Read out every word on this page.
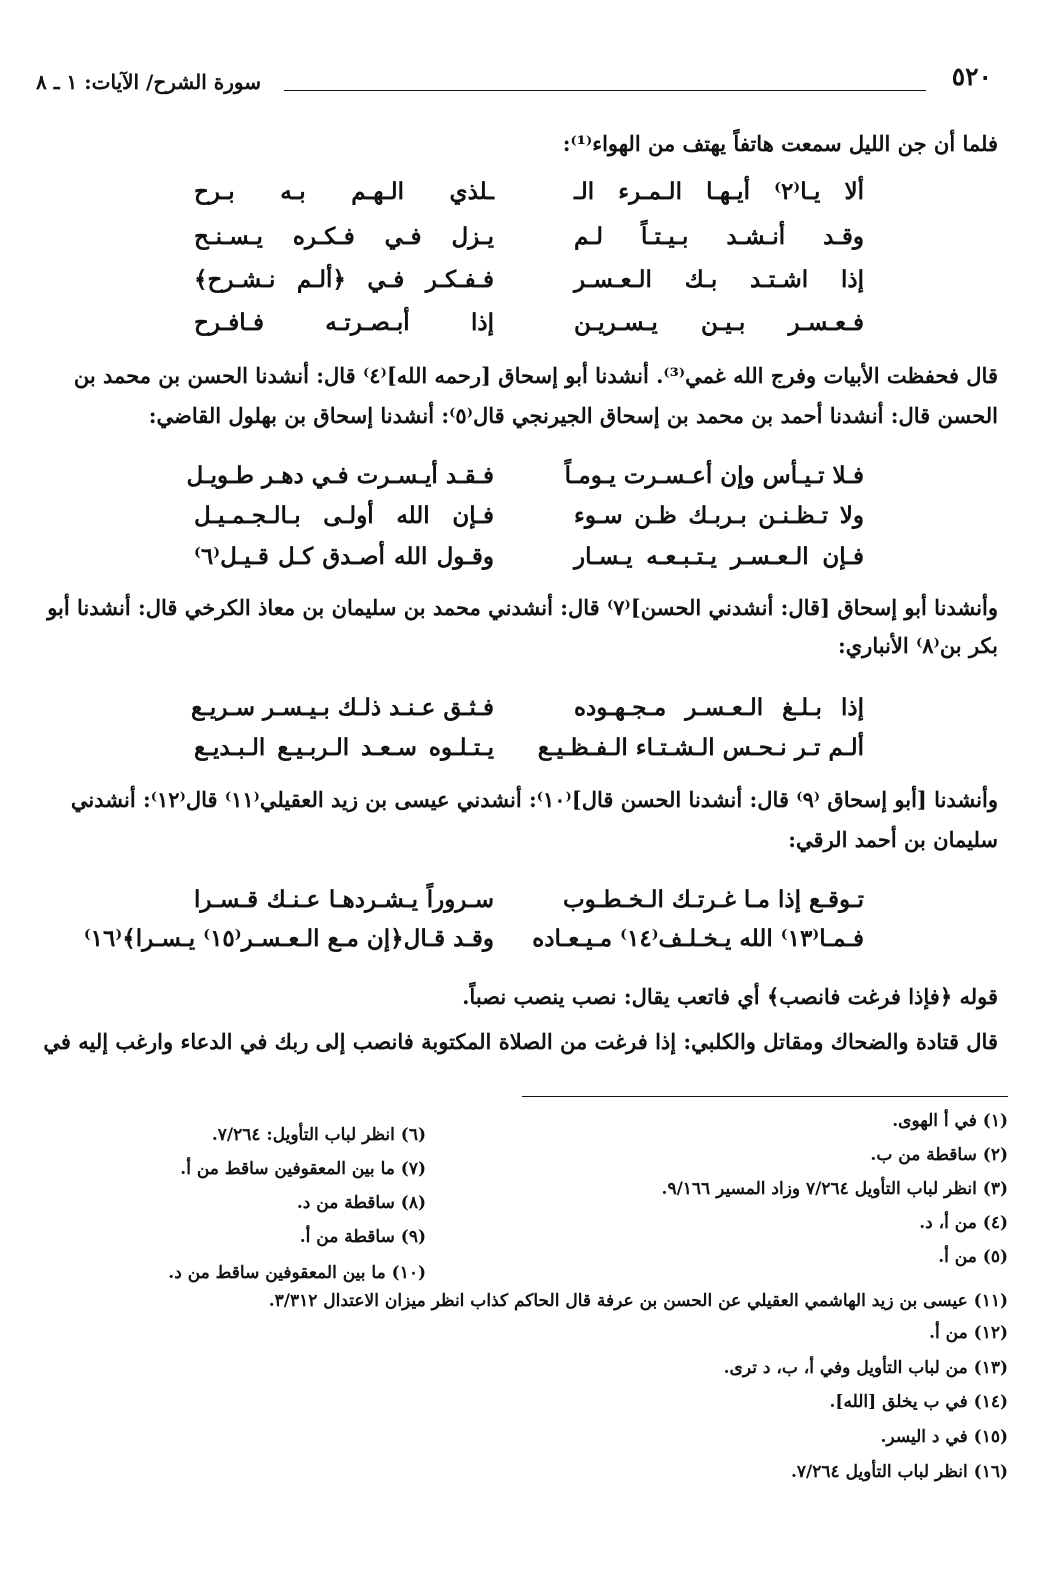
٥٢٠
سورة الشرح/ الآيات: ١ ـ ٨
فلما أن جن الليل سمعت هاتفاً يهتف من الهواء⁽¹⁾:
ألا يـا⁽٢⁾ أيـهـا الـمـرء الـ
ـلذي الـهـم بـه بـرح
وقـد أنـشـد بـيـتـاً لـم
يـزل فـي فـكـره يـسـنـح
إذا اشـتـد بـك الـعـسـر
فـفـكـر فـي ﴿ألـم نـشـرح﴾
فـعـسـر بـيـن يـسـريـن
إذا أبـصـرتـه فـافـرح
قال فحفظت الأبيات وفرج الله غمي⁽³⁾. أنشدنا أبو إسحاق [رحمه الله]⁽٤⁾ قال: أنشدنا الحسن بن محمد بن
الحسن قال: أنشدنا أحمد بن محمد بن إسحاق الجيرنجي قال⁽٥⁾: أنشدنا إسحاق بن بهلول القاضي:
فـلا تـيـأس وإن أعـسـرت يـومـاً
فـقـد أيـسـرت فـي دهـر طـويـل
ولا تـظـنـن بـربـك ظـن سـوء
فـإن الله أولـى بـالـجـمـيـل
فـإن الـعـسـر يـتـبـعـه يـسـار
وقـول الله أصـدق كـل قـيـل⁽٦⁾
وأنشدنا أبو إسحاق [قال: أنشدني الحسن]⁽٧⁾ قال: أنشدني محمد بن سليمان بن معاذ الكرخي قال: أنشدنا أبو
بكر بن⁽٨⁾ الأنباري:
إذا بـلـغ الـعـسـر مـجـهـوده
فـثـق عـنـد ذلـك بـيـسـر سـريـع
ألـم تـر نـحـس الـشـتـاء الـفـظـيـع
يـتـلـوه سـعـد الـربـيـع الـبـديـع
وأنشدنا [أبو إسحاق ⁽٩⁾ قال: أنشدنا الحسن قال]⁽١٠⁾: أنشدني عيسى بن زيد العقيلي⁽١١⁾ قال⁽١٢⁾: أنشدني
سليمان بن أحمد الرقي:
تـوقـع إذا مـا غـرتـك الـخـطـوب
سـروراً يـشـردهـا عـنـك قـسـرا
فـمـا⁽١٣⁾ الله يـخـلـف⁽١٤⁾ مـيـعـاده
وقـد قـال﴿إن مـع الـعـسـر⁽١٥⁾ يـسـرا﴾⁽١٦⁾
قوله ﴿فإذا فرغت فانصب﴾ أي فاتعب يقال: نصب ينصب نصباً.
قال قتادة والضحاك ومقاتل والكلبي: إذا فرغت من الصلاة المكتوبة فانصب إلى ربك في الدعاء وارغب إليه في
(١) في أ الهوى.
(٢) ساقطة من ب.
(٣) انظر لباب التأويل ٧/٢٦٤ وزاد المسير ٩/١٦٦.
(٤) من أ، د.
(٥) من أ.
(٦) انظر لباب التأويل: ٧/٢٦٤.
(٧) ما بين المعقوفين ساقط من أ.
(٨) ساقطة من د.
(٩) ساقطة من أ.
(١٠) ما بين المعقوفين ساقط من د.
(١١) عيسى بن زيد الهاشمي العقيلي عن الحسن بن عرفة قال الحاكم كذاب انظر ميزان الاعتدال ٣/٣١٢.
(١٢) من أ.
(١٣) من لباب التأويل وفي أ، ب، د ترى.
(١٤) في ب يخلق [الله].
(١٥) في د اليسر.
(١٦) انظر لباب التأويل ٧/٢٦٤.
